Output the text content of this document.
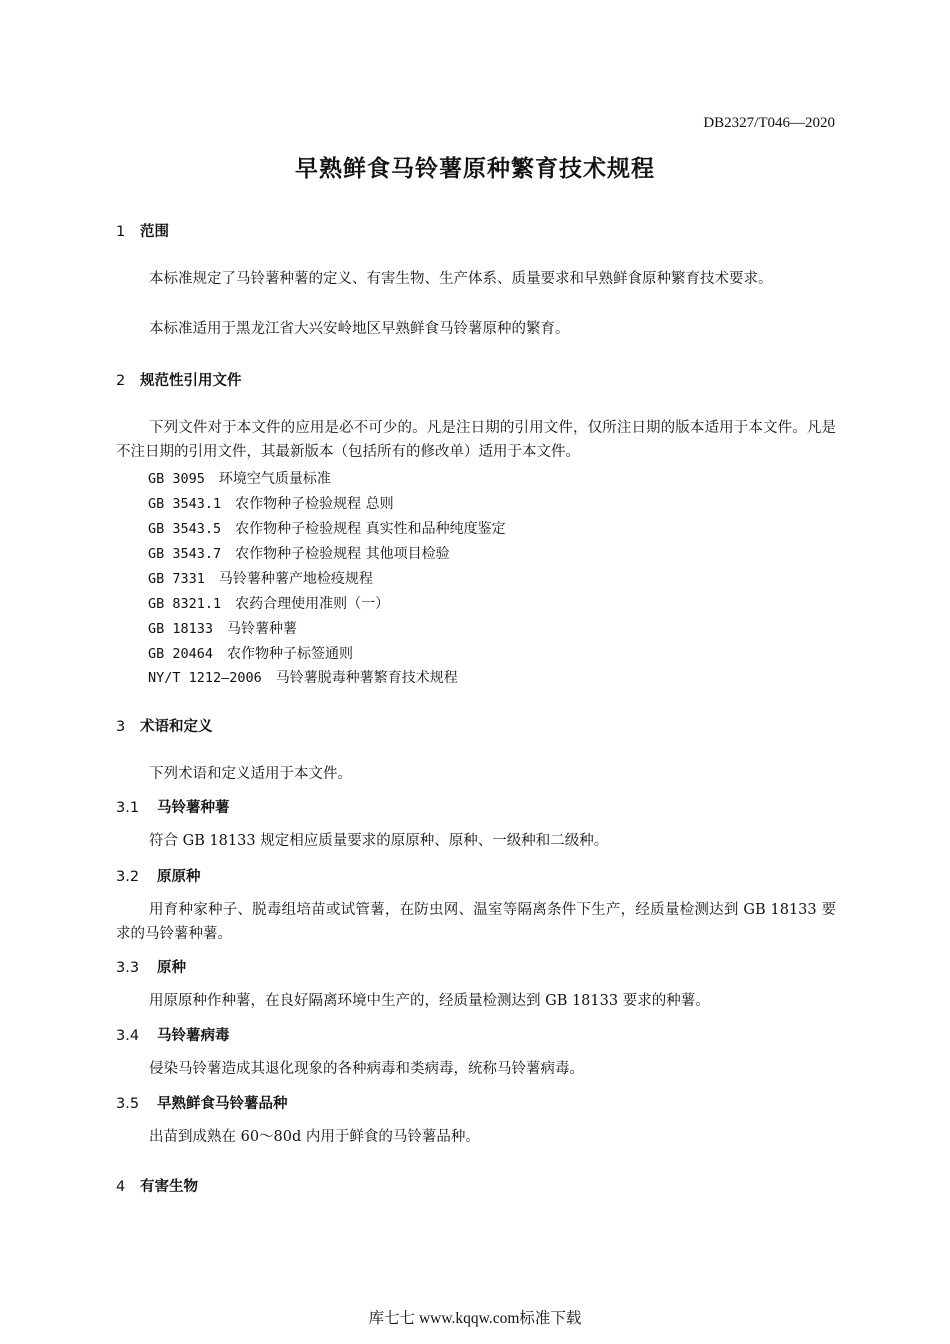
DB2327/T046—2020
早熟鲜食马铃薯原种繁育技术规程
1 范围
本标准规定了马铃薯种薯的定义、有害生物、生产体系、质量要求和早熟鲜食原种繁育技术要求。
本标准适用于黑龙江省大兴安岭地区早熟鲜食马铃薯原种的繁育。
2 规范性引用文件
下列文件对于本文件的应用是必不可少的。凡是注日期的引用文件，仅所注日期的版本适用于本文件。凡是不注日期的引用文件，其最新版本（包括所有的修改单）适用于本文件。
GB 3095 环境空气质量标准
GB 3543.1 农作物种子检验规程 总则
GB 3543.5 农作物种子检验规程 真实性和品种纯度鉴定
GB 3543.7 农作物种子检验规程 其他项目检验
GB 7331 马铃薯种薯产地检疫规程
GB 8321.1 农药合理使用准则（一）
GB 18133 马铃薯种薯
GB 20464 农作物种子标签通则
NY/T 1212—2006 马铃薯脱毒种薯繁育技术规程
3 术语和定义
下列术语和定义适用于本文件。
3.1 马铃薯种薯
符合 GB 18133 规定相应质量要求的原原种、原种、一级种和二级种。
3.2 原原种
用育种家种子、脱毒组培苗或试管薯，在防虫网、温室等隔离条件下生产，经质量检测达到 GB 18133 要求的马铃薯种薯。
3.3 原种
用原原种作种薯，在良好隔离环境中生产的，经质量检测达到 GB 18133 要求的种薯。
3.4 马铃薯病毒
侵染马铃薯造成其退化现象的各种病毒和类病毒，统称马铃薯病毒。
3.5 早熟鲜食马铃薯品种
出苗到成熟在 60～80d 内用于鲜食的马铃薯品种。
4 有害生物
库七七 www.kqqw.com标准下载
